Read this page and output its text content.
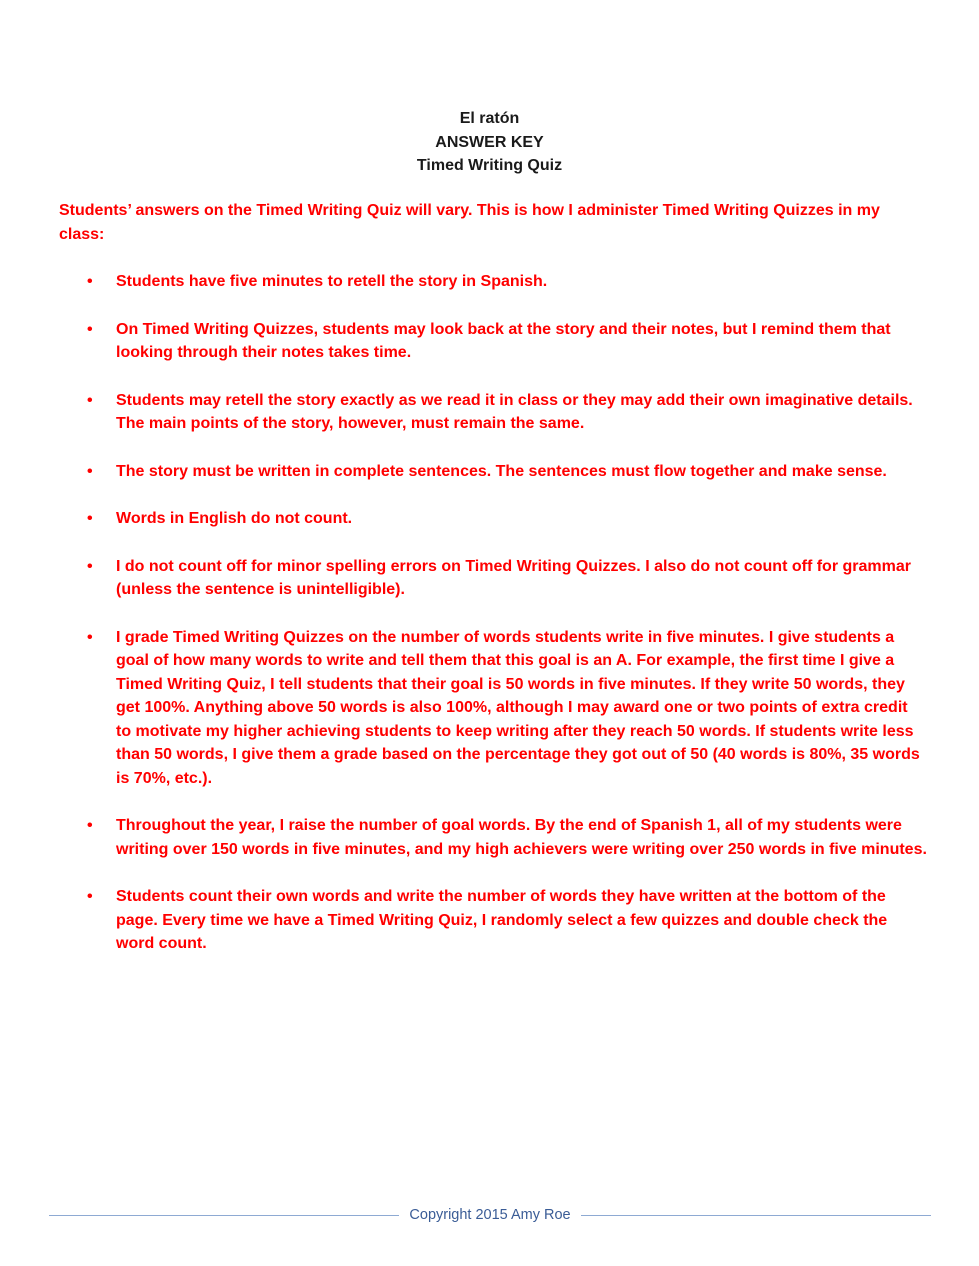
El ratón
ANSWER KEY
Timed Writing Quiz

Students’ answers on the Timed Writing Quiz will vary. This is how I administer Timed Writing Quizzes in my class:

• Students have five minutes to retell the story in Spanish.
• On Timed Writing Quizzes, students may look back at the story and their notes, but I remind them that looking through their notes takes time.
• Students may retell the story exactly as we read it in class or they may add their own imaginative details. The main points of the story, however, must remain the same.
• The story must be written in complete sentences. The sentences must flow together and make sense.
• Words in English do not count.
• I do not count off for minor spelling errors on Timed Writing Quizzes. I also do not count off for grammar (unless the sentence is unintelligible).
• I grade Timed Writing Quizzes on the number of words students write in five minutes. I give students a goal of how many words to write and tell them that this goal is an A. For example, the first time I give a Timed Writing Quiz, I tell students that their goal is 50 words in five minutes. If they write 50 words, they get 100%. Anything above 50 words is also 100%, although I may award one or two points of extra credit to motivate my higher achieving students to keep writing after they reach 50 words. If students write less than 50 words, I give them a grade based on the percentage they got out of 50 (40 words is 80%, 35 words is 70%, etc.).
• Throughout the year, I raise the number of goal words. By the end of Spanish 1, all of my students were writing over 150 words in five minutes, and my high achievers were writing over 250 words in five minutes.
• Students count their own words and write the number of words they have written at the bottom of the page. Every time we have a Timed Writing Quiz, I randomly select a few quizzes and double check the word count.
Copyright 2015 Amy Roe
